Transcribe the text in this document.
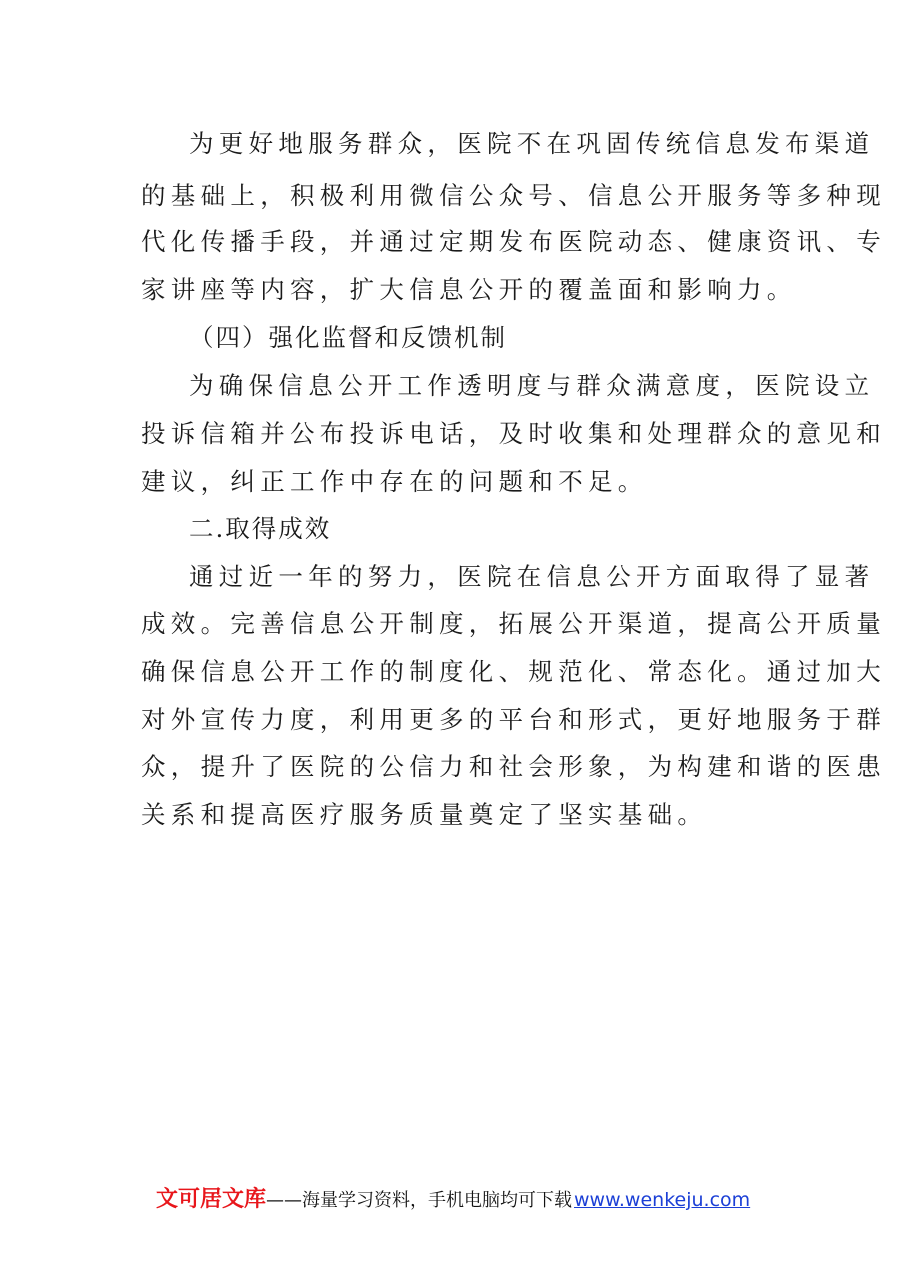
为更好地服务群众，医院不在巩固传统信息发布渠道
的基础上，积极利用微信公众号、信息公开服务等多种现
代化传播手段，并通过定期发布医院动态、健康资讯、专
家讲座等内容，扩大信息公开的覆盖面和影响力。
（四）强化监督和反馈机制
为确保信息公开工作透明度与群众满意度，医院设立
投诉信箱并公布投诉电话，及时收集和处理群众的意见和
建议，纠正工作中存在的问题和不足。
二.取得成效
通过近一年的努力，医院在信息公开方面取得了显著
成效。完善信息公开制度，拓展公开渠道，提高公开质量
确保信息公开工作的制度化、规范化、常态化。通过加大
对外宣传力度，利用更多的平台和形式，更好地服务于群
众，提升了医院的公信力和社会形象，为构建和谐的医患
关系和提高医疗服务质量奠定了坚实基础。
文可居文库 ——海量学习资料，手机电脑均可下载 www.wenkeju.com
